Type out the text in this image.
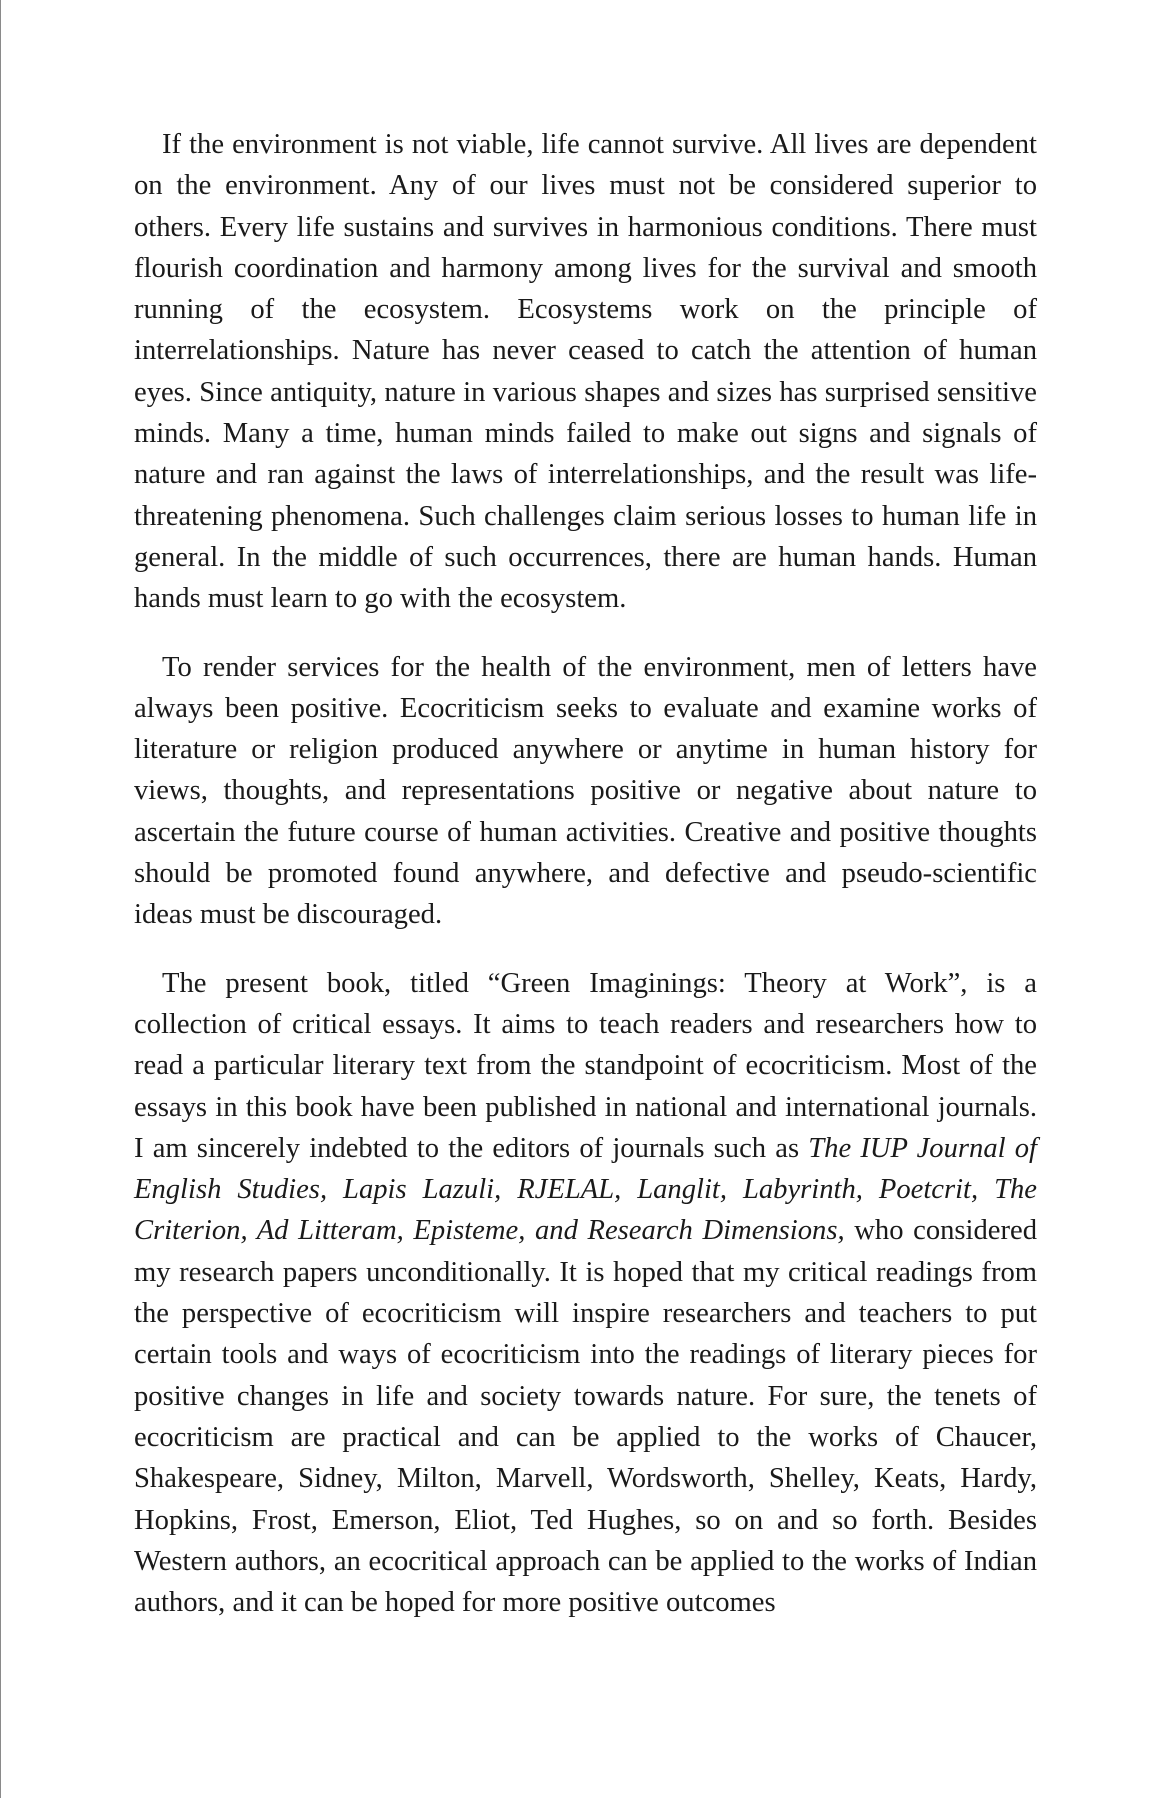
If the environment is not viable, life cannot survive. All lives are dependent on the environment. Any of our lives must not be considered superior to others. Every life sustains and survives in harmonious conditions. There must flourish coordination and harmony among lives for the survival and smooth running of the ecosystem. Ecosystems work on the principle of interrelationships. Nature has never ceased to catch the attention of human eyes. Since antiquity, nature in various shapes and sizes has surprised sensitive minds. Many a time, human minds failed to make out signs and signals of nature and ran against the laws of interrelationships, and the result was life-threatening phenomena. Such challenges claim serious losses to human life in general. In the middle of such occurrences, there are human hands. Human hands must learn to go with the ecosystem.

To render services for the health of the environment, men of letters have always been positive. Ecocriticism seeks to evaluate and examine works of literature or religion produced anywhere or anytime in human history for views, thoughts, and representations positive or negative about nature to ascertain the future course of human activities. Creative and positive thoughts should be promoted found anywhere, and defective and pseudo-scientific ideas must be discouraged.

The present book, titled “Green Imaginings: Theory at Work”, is a collection of critical essays. It aims to teach readers and researchers how to read a particular literary text from the standpoint of ecocriticism. Most of the essays in this book have been published in national and international journals. I am sincerely indebted to the editors of journals such as The IUP Journal of English Studies, Lapis Lazuli, RJELAL, Langlit, Labyrinth, Poetcrit, The Criterion, Ad Litteram, Episteme, and Research Dimensions, who considered my research papers unconditionally. It is hoped that my critical readings from the perspective of ecocriticism will inspire researchers and teachers to put certain tools and ways of ecocriticism into the readings of literary pieces for positive changes in life and society towards nature. For sure, the tenets of ecocriticism are practical and can be applied to the works of Chaucer, Shakespeare, Sidney, Milton, Marvell, Wordsworth, Shelley, Keats, Hardy, Hopkins, Frost, Emerson, Eliot, Ted Hughes, so on and so forth. Besides Western authors, an ecocritical approach can be applied to the works of Indian authors, and it can be hoped for more positive outcomes
